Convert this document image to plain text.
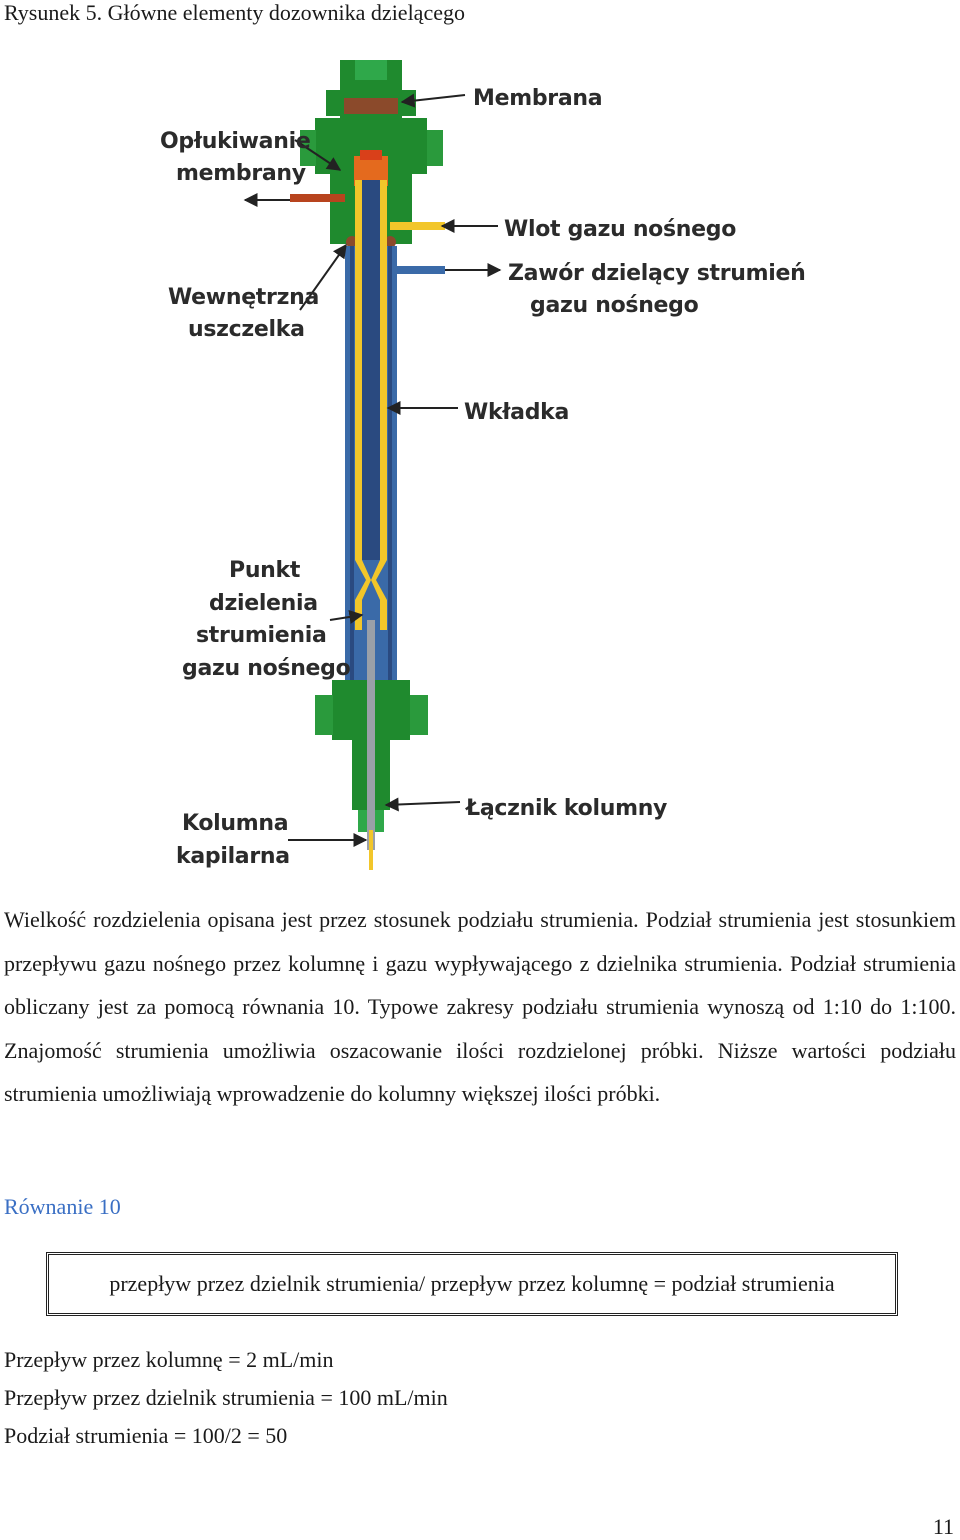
Rysunek 5. Główne elementy dozownika dzielącego
Membrana
Opłukiwanie
membrany
Wlot gazu nośnego
Zawór dzielący strumień
gazu nośnego
Wewnętrzna
uszczelka
Wkładka
Punkt
dzielenia
strumienia
gazu nośnego
Łącznik kolumny
Kolumna
kapilarna

Wielkość rozdzielenia opisana jest przez stosunek podziału strumienia. Podział strumienia jest stosunkiem przepływu gazu nośnego przez kolumnę i gazu wypływającego z dzielnika strumienia. Podział strumienia obliczany jest za pomocą równania 10. Typowe zakresy podziału strumienia wynoszą od 1:10 do 1:100. Znajomość strumienia umożliwia oszacowanie ilości rozdzielonej próbki. Niższe wartości podziału strumienia umożliwiają wprowadzenie do kolumny większej ilości próbki.

Równanie 10
przepływ przez dzielnik strumienia/ przepływ przez kolumnę = podział strumienia
Przepływ przez kolumnę = 2 mL/min
Przepływ przez dzielnik strumienia = 100 mL/min
Podział strumienia = 100/2 = 50
11
